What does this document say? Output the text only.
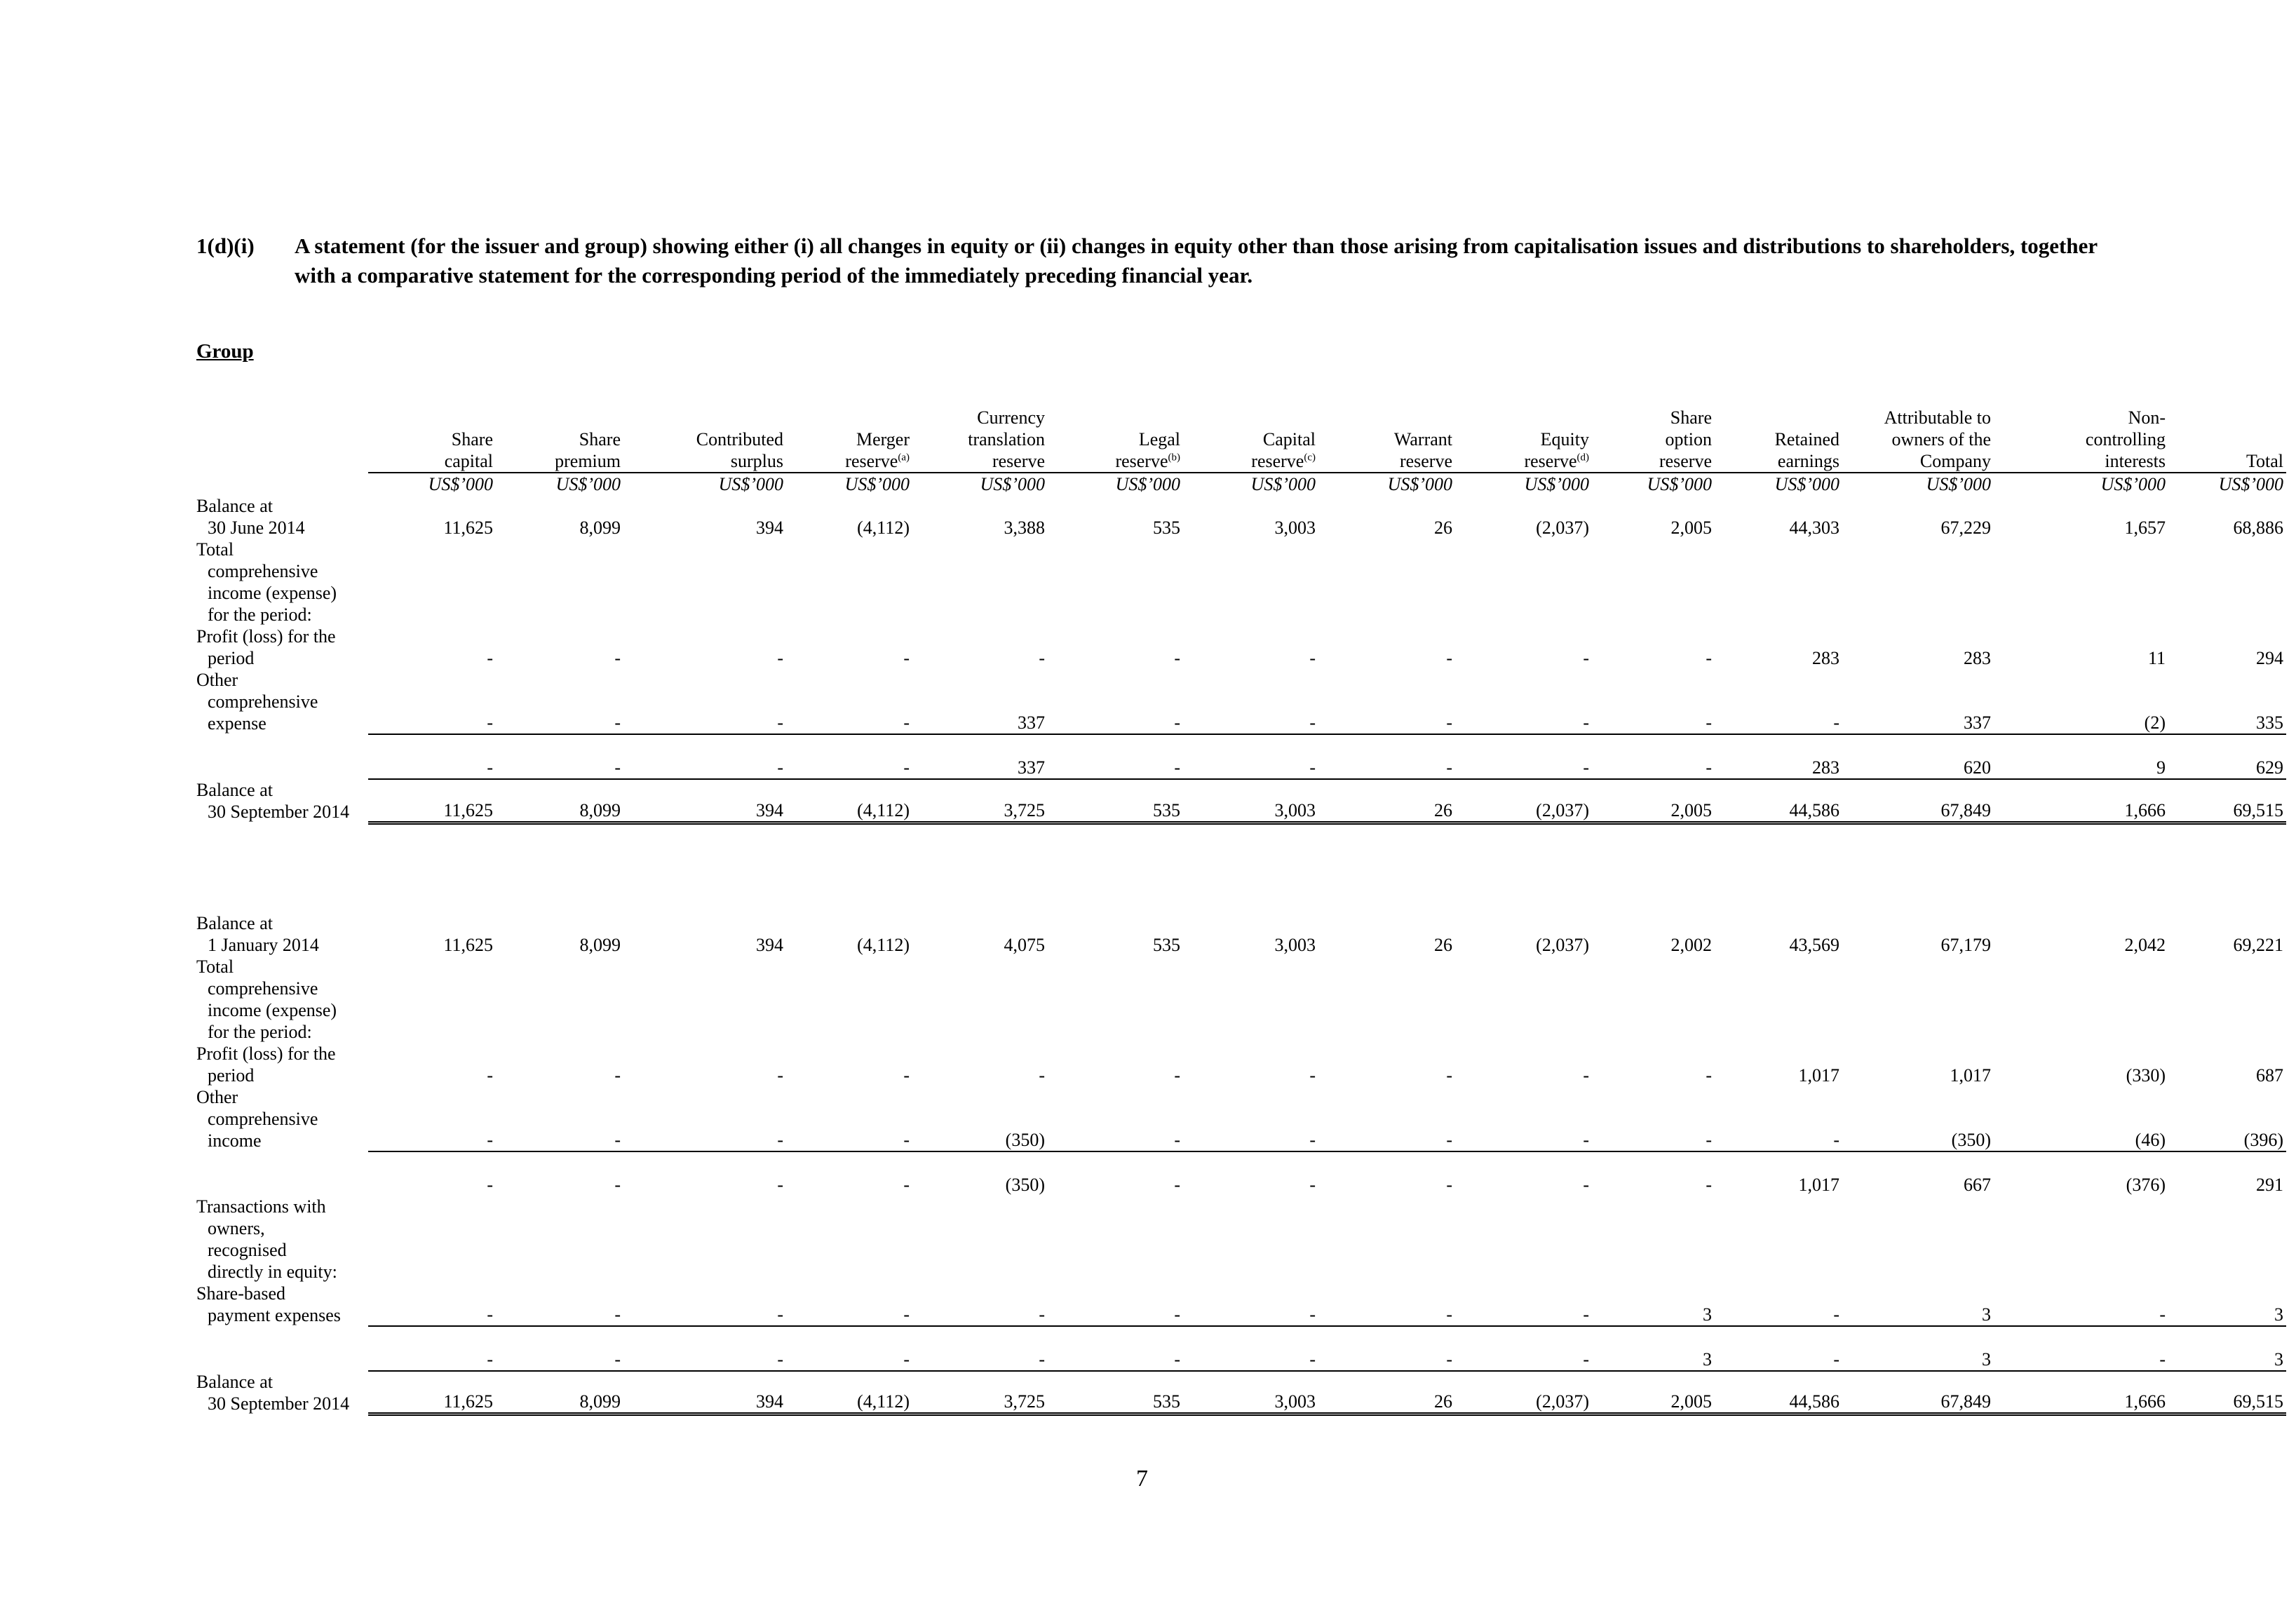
1(d)(i) A statement (for the issuer and group) showing either (i) all changes in equity or (ii) changes in equity other than those arising from capitalisation issues and distributions to shareholders, together with a comparative statement for the corresponding period of the immediately preceding financial year.
Group
					Currency					Share		Attributable to	Non-	
	Share	Share	Contributed	Merger	translation	Legal	Capital	Warrant	Equity	option	Retained	owners of the	controlling	
	capital	premium	surplus	reserve$^{(a)}$	reserve	reserve$^{(b)}$	reserve$^{(c)}$	reserve	reserve$^{(d)}$	reserve	earnings	Company	interests	Total
	US$’000	US$’000	US$’000	US$’000	US$’000	US$’000	US$’000	US$’000	US$’000	US$’000	US$’000	US$’000	US$’000	US$’000

Balance at
30 June 2014	11,625	8,099	394	(4,112)	3,388	535	3,003	26	(2,037)	2,005	44,303	67,229	1,657	68,886

Total
comprehensive
income (expense)
for the period:														

Profit (loss) for the
period	-	-	-	-	-	-	-	-	-	-	283	283	11	294

Other
comprehensive
expense	-	-	-	-	337	-	-	-	-	-	-	337	(2)	335

	-	-	-	-	337	-	-	-	-	-	283	620	9	629

Balance at
30 September 2014	11,625	8,099	394	(4,112)	3,725	535	3,003	26	(2,037)	2,005	44,586	67,849	1,666	69,515

Balance at
1 January 2014	11,625	8,099	394	(4,112)	4,075	535	3,003	26	(2,037)	2,002	43,569	67,179	2,042	69,221

Total
comprehensive
income (expense)
for the period:														

Profit (loss) for the
period	-	-	-	-	-	-	-	-	-	-	1,017	1,017	(330)	687

Other
comprehensive
income	-	-	-	-	(350)	-	-	-	-	-	-	(350)	(46)	(396)

	-	-	-	-	(350)	-	-	-	-	-	1,017	667	(376)	291

Transactions with
owners,
recognised
directly in equity:														

Share-based
payment expenses	-	-	-	-	-	-	-	-	-	3	-	3	-	3

	-	-	-	-	-	-	-	-	-	3	-	3	-	3

Balance at
30 September 2014	11,625	8,099	394	(4,112)	3,725	535	3,003	26	(2,037)	2,005	44,586	67,849	1,666	69,515
7
